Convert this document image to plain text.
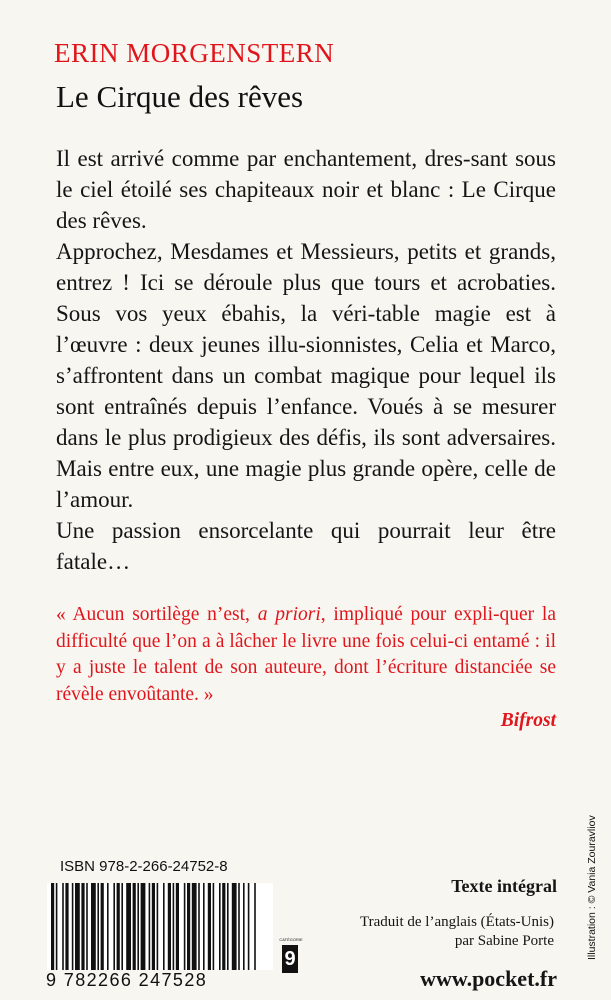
ERIN MORGENSTERN
Le Cirque des rêves

Il est arrivé comme par enchantement, dres-sant sous le ciel étoilé ses chapiteaux noir et blanc : Le Cirque des rêves.

Approchez, Mesdames et Messieurs, petits et grands, entrez ! Ici se déroule plus que tours et acrobaties. Sous vos yeux ébahis, la véri-table magie est à l’œuvre : deux jeunes illu-sionnistes, Celia et Marco, s’affrontent dans un combat magique pour lequel ils sont entraînés depuis l’enfance. Voués à se mesurer dans le plus prodigieux des défis, ils sont adversaires. Mais entre eux, une magie plus grande opère, celle de l’amour.

Une passion ensorcelante qui pourrait leur être fatale…

« Aucun sortilège n’est, a priori, impliqué pour expli-quer la difficulté que l’on a à lâcher le livre une fois celui-ci entamé : il y a juste le talent de son auteure, dont l’écriture distanciée se révèle envoûtante. »

Bifrost
ISBN 978-2-266-24752-8
9 782266 247528
CATÉGORIE
9
Texte intégral
Traduit de l’anglais (États-Unis)
par Sabine Porte
www.pocket.fr
Illustration : © Vania Zouravliov
